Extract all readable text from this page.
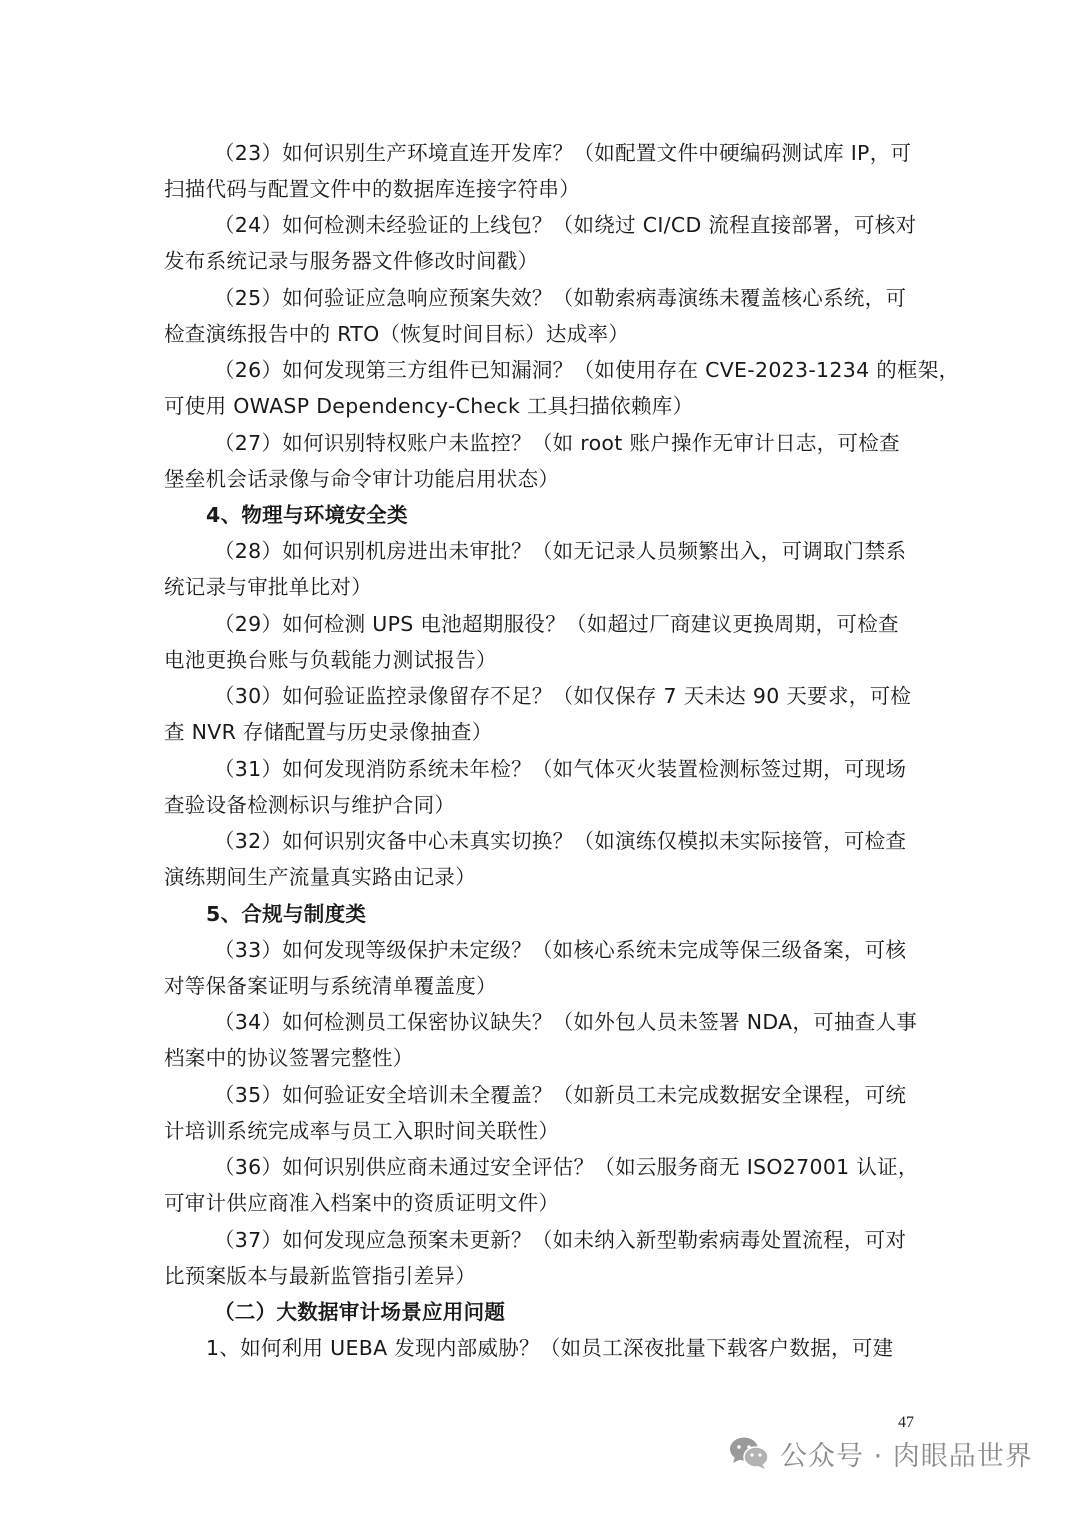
（23）如何识别生产环境直连开发库？（如配置文件中硬编码测试库 IP，可

扫描代码与配置文件中的数据库连接字符串）

（24）如何检测未经验证的上线包？（如绕过 CI/CD 流程直接部署，可核对

发布系统记录与服务器文件修改时间戳）

（25）如何验证应急响应预案失效？（如勒索病毒演练未覆盖核心系统，可

检查演练报告中的 RTO（恢复时间目标）达成率）

（26）如何发现第三方组件已知漏洞？（如使用存在 CVE-2023-1234 的框架，

可使用 OWASP Dependency-Check 工具扫描依赖库）

（27）如何识别特权账户未监控？（如 root 账户操作无审计日志，可检查

堡垒机会话录像与命令审计功能启用状态）

4、物理与环境安全类

（28）如何识别机房进出未审批？（如无记录人员频繁出入，可调取门禁系

统记录与审批单比对）

（29）如何检测 UPS 电池超期服役？（如超过厂商建议更换周期，可检查

电池更换台账与负载能力测试报告）

（30）如何验证监控录像留存不足？（如仅保存 7 天未达 90 天要求，可检

查 NVR 存储配置与历史录像抽查）

（31）如何发现消防系统未年检？（如气体灭火装置检测标签过期，可现场

查验设备检测标识与维护合同）

（32）如何识别灾备中心未真实切换？（如演练仅模拟未实际接管，可检查

演练期间生产流量真实路由记录）

5、合规与制度类

（33）如何发现等级保护未定级？（如核心系统未完成等保三级备案，可核

对等保备案证明与系统清单覆盖度）

（34）如何检测员工保密协议缺失？（如外包人员未签署 NDA，可抽查人事

档案中的协议签署完整性）

（35）如何验证安全培训未全覆盖？（如新员工未完成数据安全课程，可统

计培训系统完成率与员工入职时间关联性）

（36）如何识别供应商未通过安全评估？（如云服务商无 ISO27001 认证，

可审计供应商准入档案中的资质证明文件）

（37）如何发现应急预案未更新？（如未纳入新型勒索病毒处置流程，可对

比预案版本与最新监管指引差异）

（二）大数据审计场景应用问题

1、如何利用 UEBA 发现内部威胁？（如员工深夜批量下载客户数据，可建

47
公众号 · 肉眼品世界
